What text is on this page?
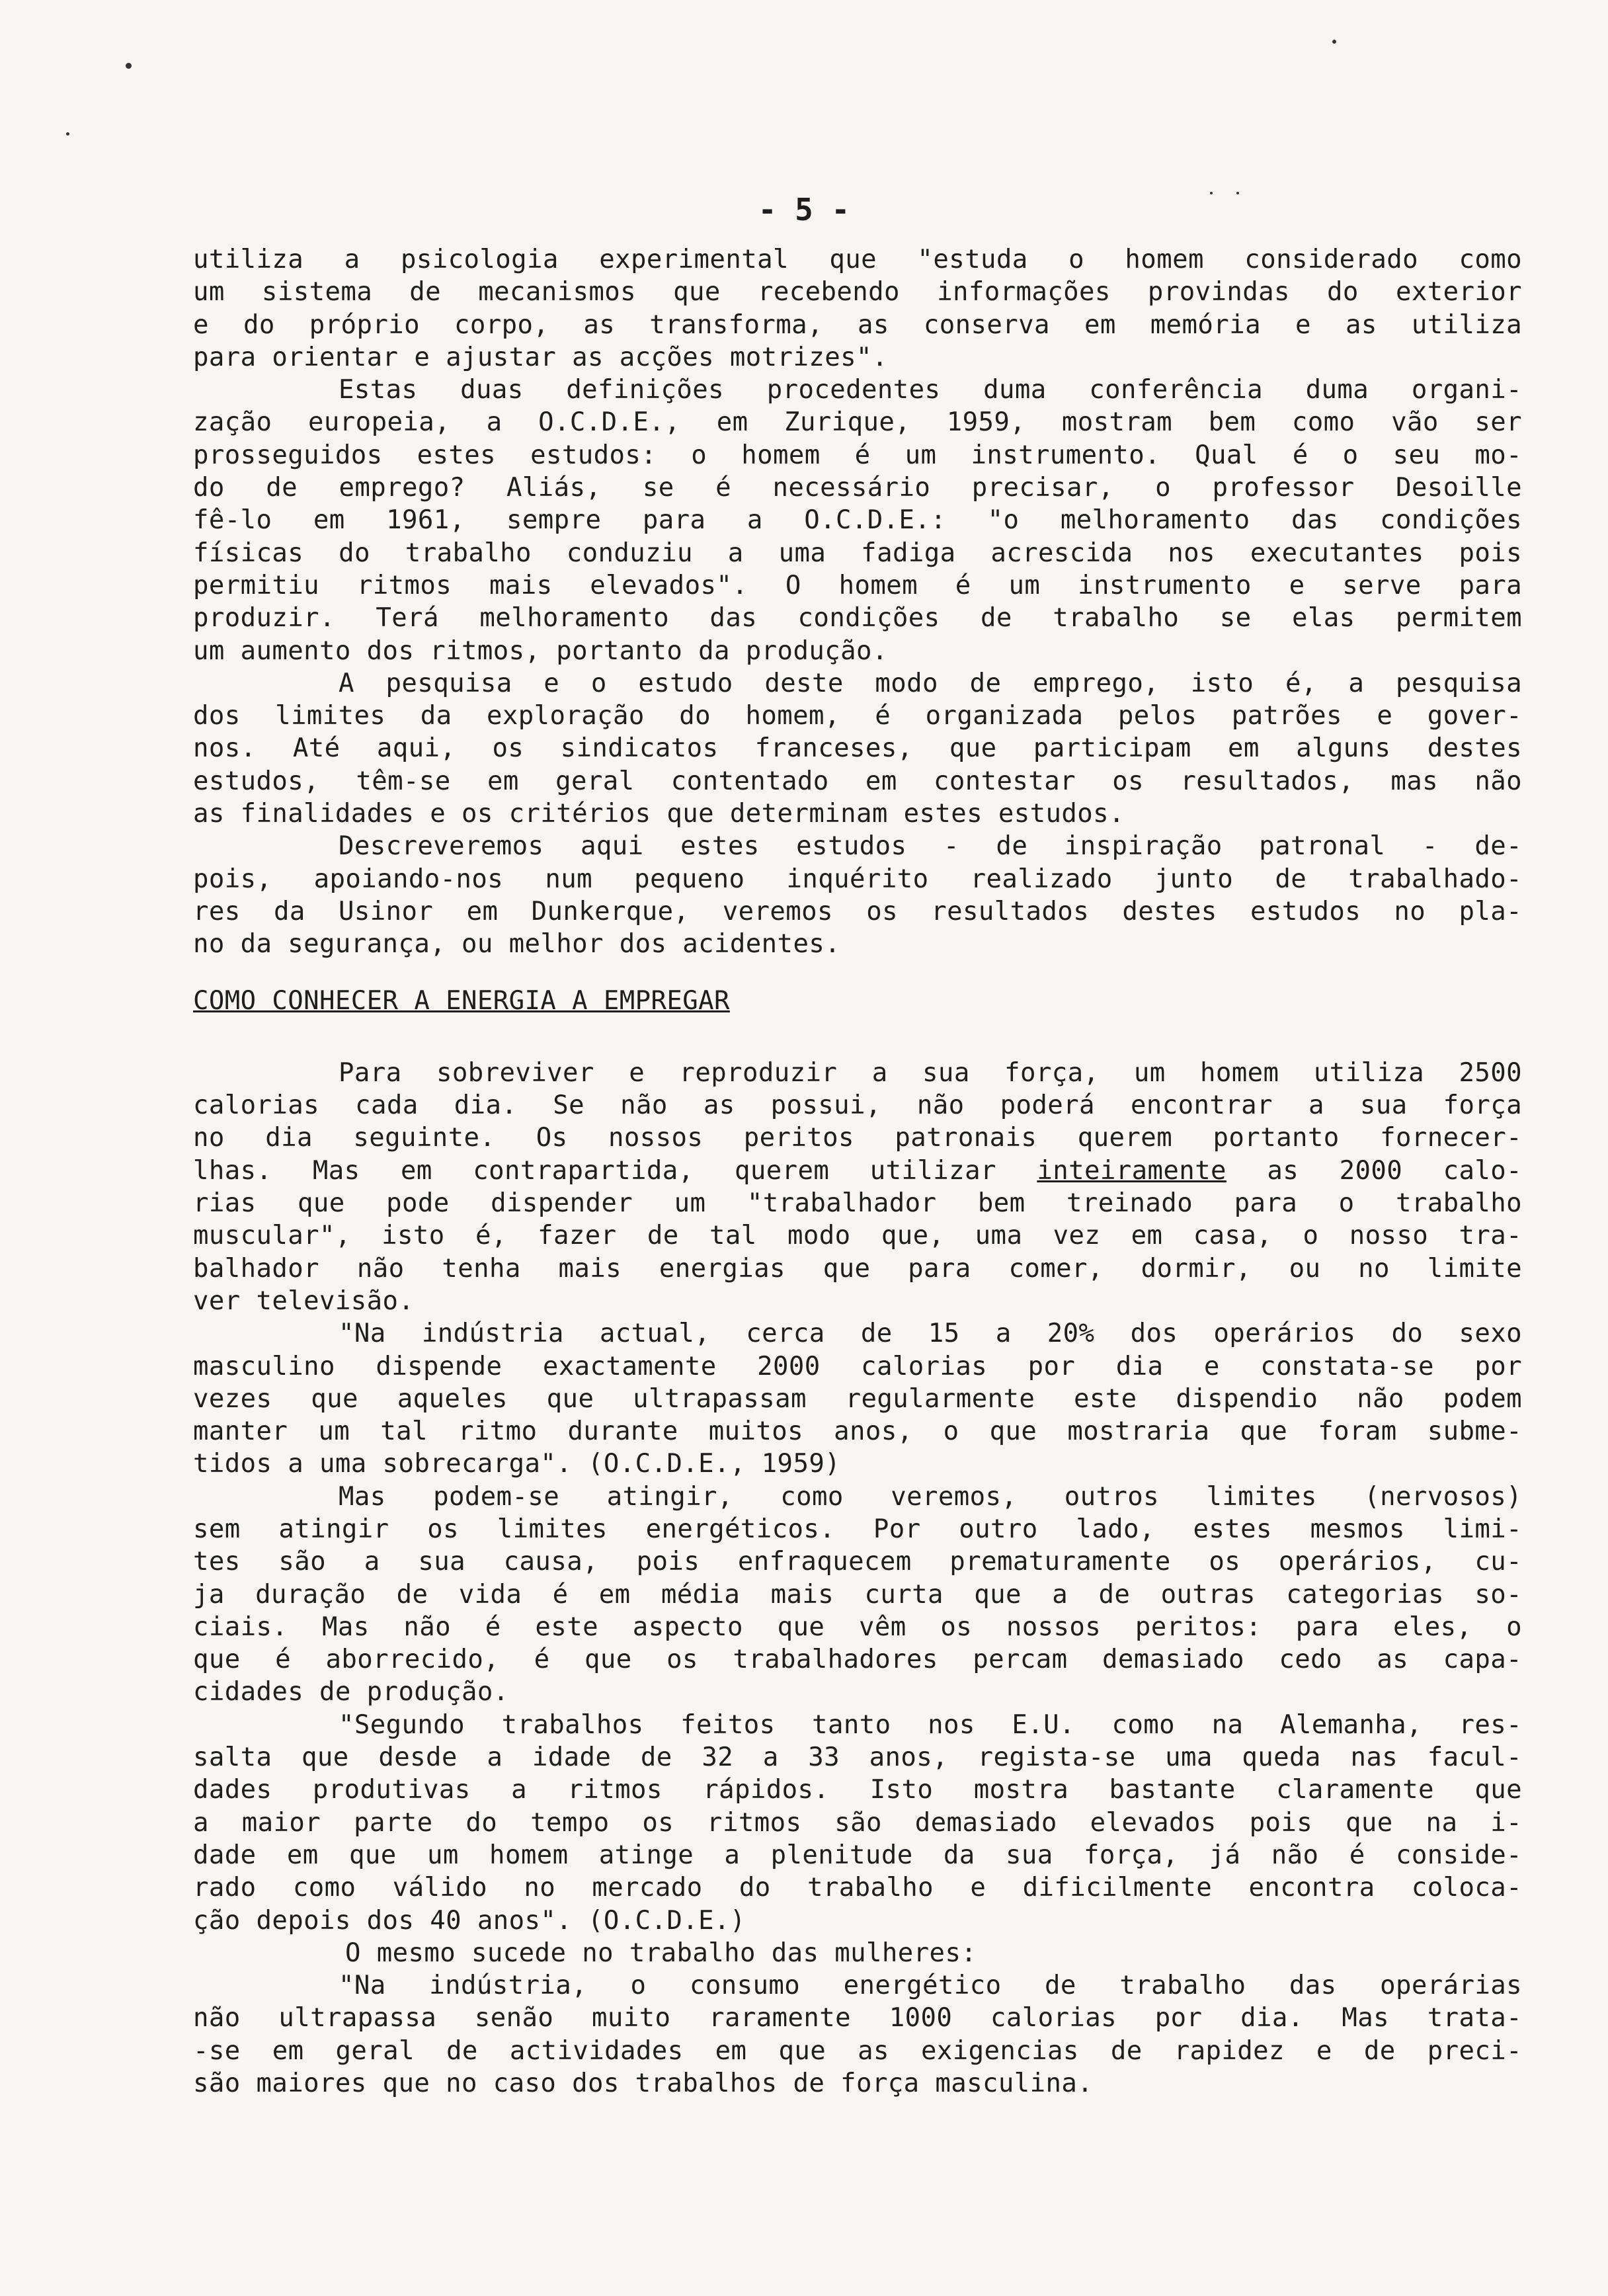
- 5 -
utiliza a psicologia experimental que "estuda o homem considerado como
um sistema de mecanismos que recebendo informações provindas do exterior
e do próprio corpo, as transforma, as conserva em memória e as utiliza
para orientar e ajustar as acções motrizes".
Estas duas definições procedentes duma conferência duma organi-
zação europeia, a O.C.D.E., em Zurique, 1959, mostram bem como vão ser
prosseguidos estes estudos: o homem é um instrumento. Qual é o seu mo-
do de emprego? Aliás, se é necessário precisar, o professor Desoille
fê-lo em 1961, sempre para a O.C.D.E.: "o melhoramento das condições
físicas do trabalho conduziu a uma fadiga acrescida nos executantes pois
permitiu ritmos mais elevados". O homem é um instrumento e serve para
produzir. Terá melhoramento das condições de trabalho se elas permitem
um aumento dos ritmos, portanto da produção.
A pesquisa e o estudo deste modo de emprego, isto é, a pesquisa
dos limites da exploração do homem, é organizada pelos patrões e gover-
nos. Até aqui, os sindicatos franceses, que participam em alguns destes
estudos, têm-se em geral contentado em contestar os resultados, mas não
as finalidades e os critérios que determinam estes estudos.
Descreveremos aqui estes estudos - de inspiração patronal - de-
pois, apoiando-nos num pequeno inquérito realizado junto de trabalhado-
res da Usinor em Dunkerque, veremos os resultados destes estudos no pla-
no da segurança, ou melhor dos acidentes.
COMO CONHECER A ENERGIA A EMPREGAR
Para sobreviver e reproduzir a sua força, um homem utiliza 2500
calorias cada dia. Se não as possui, não poderá encontrar a sua força
no dia seguinte. Os nossos peritos patronais querem portanto fornecer-
lhas. Mas em contrapartida, querem utilizar inteiramente as 2000 calo-
rias que pode dispender um "trabalhador bem treinado para o trabalho
muscular", isto é, fazer de tal modo que, uma vez em casa, o nosso tra-
balhador não tenha mais energias que para comer, dormir, ou no limite
ver televisão.
"Na indústria actual, cerca de 15 a 20% dos operários do sexo
masculino dispende exactamente 2000 calorias por dia e constata-se por
vezes que aqueles que ultrapassam regularmente este dispendio não podem
manter um tal ritmo durante muitos anos, o que mostraria que foram subme-
tidos a uma sobrecarga". (O.C.D.E., 1959)
Mas podem-se atingir, como veremos, outros limites (nervosos)
sem atingir os limites energéticos. Por outro lado, estes mesmos limi-
tes são a sua causa, pois enfraquecem prematuramente os operários, cu-
ja duração de vida é em média mais curta que a de outras categorias so-
ciais. Mas não é este aspecto que vêm os nossos peritos: para eles, o
que é aborrecido, é que os trabalhadores percam demasiado cedo as capa-
cidades de produção.
"Segundo trabalhos feitos tanto nos E.U. como na Alemanha, res-
salta que desde a idade de 32 a 33 anos, regista-se uma queda nas facul-
dades produtivas a ritmos rápidos. Isto mostra bastante claramente que
a maior parte do tempo os ritmos são demasiado elevados pois que na i-
dade em que um homem atinge a plenitude da sua força, já não é conside-
rado como válido no mercado do trabalho e dificilmente encontra coloca-
ção depois dos 40 anos". (O.C.D.E.)
O mesmo sucede no trabalho das mulheres:
"Na indústria, o consumo energético de trabalho das operárias
não ultrapassa senão muito raramente 1000 calorias por dia. Mas trata-
-se em geral de actividades em que as exigencias de rapidez e de preci-
são maiores que no caso dos trabalhos de força masculina.
